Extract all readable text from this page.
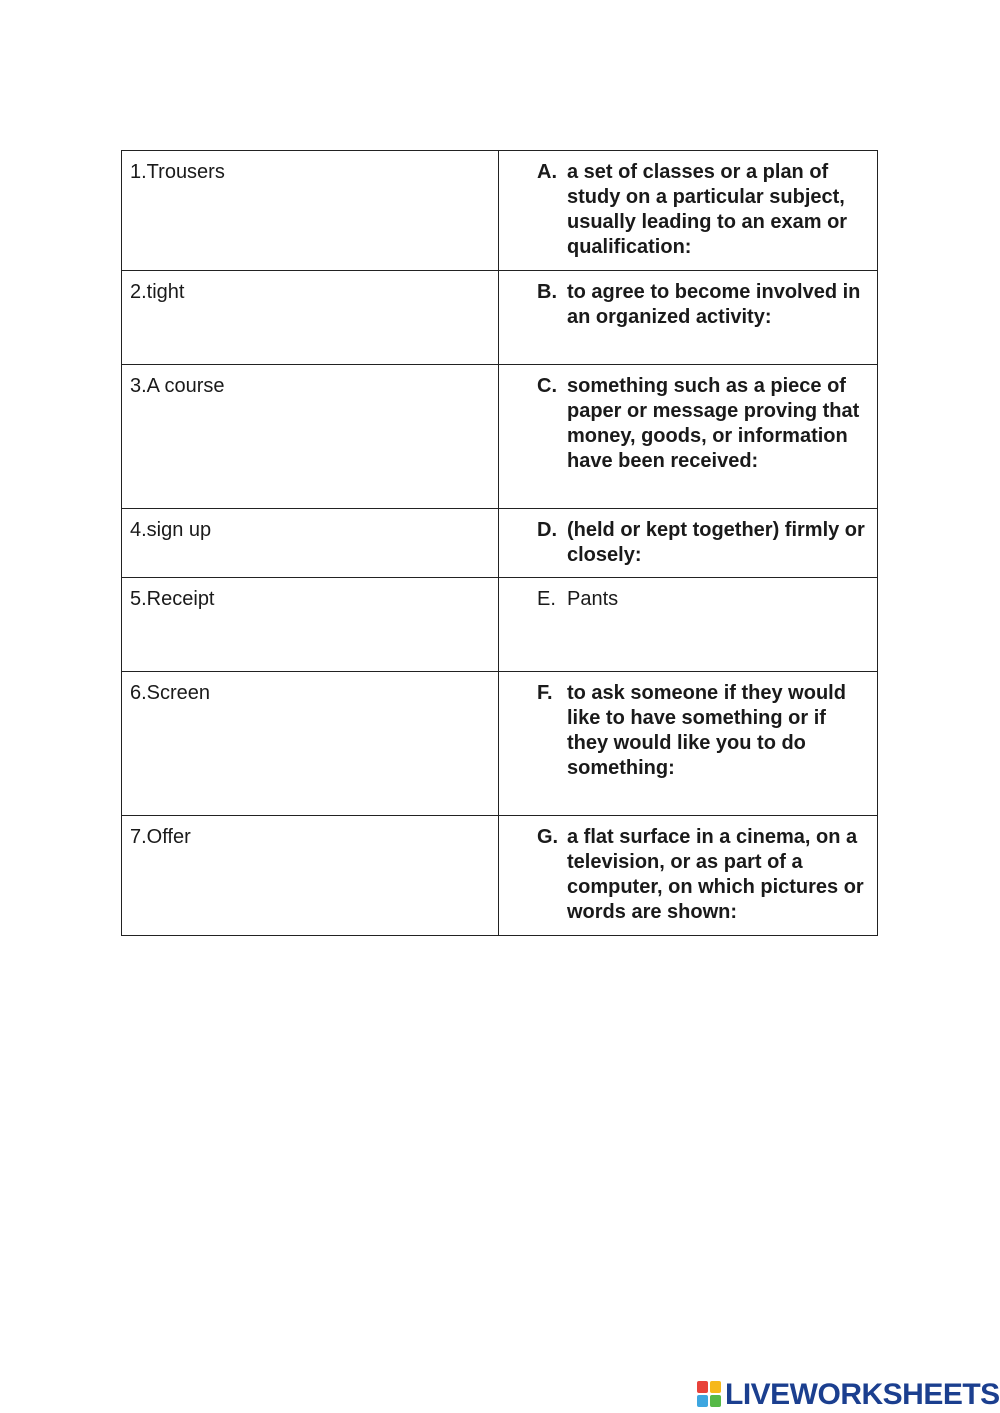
1.Trousers	A. a set of classes or a plan of study on a particular subject, usually leading to an exam or qualification:

2.tight	B. to agree to become involved in an organized activity:

3.A course	C. something such as a piece of paper or message proving that money, goods, or information have been received:

4.sign up	D. (held or kept together) firmly or closely:

5.Receipt	E. Pants

6.Screen	F. to ask someone if they would like to have something or if they would like you to do something:

7.Offer	G. a flat surface in a cinema, on a television, or as part of a computer, on which pictures or words are shown:
LIVEWORKSHEETS
